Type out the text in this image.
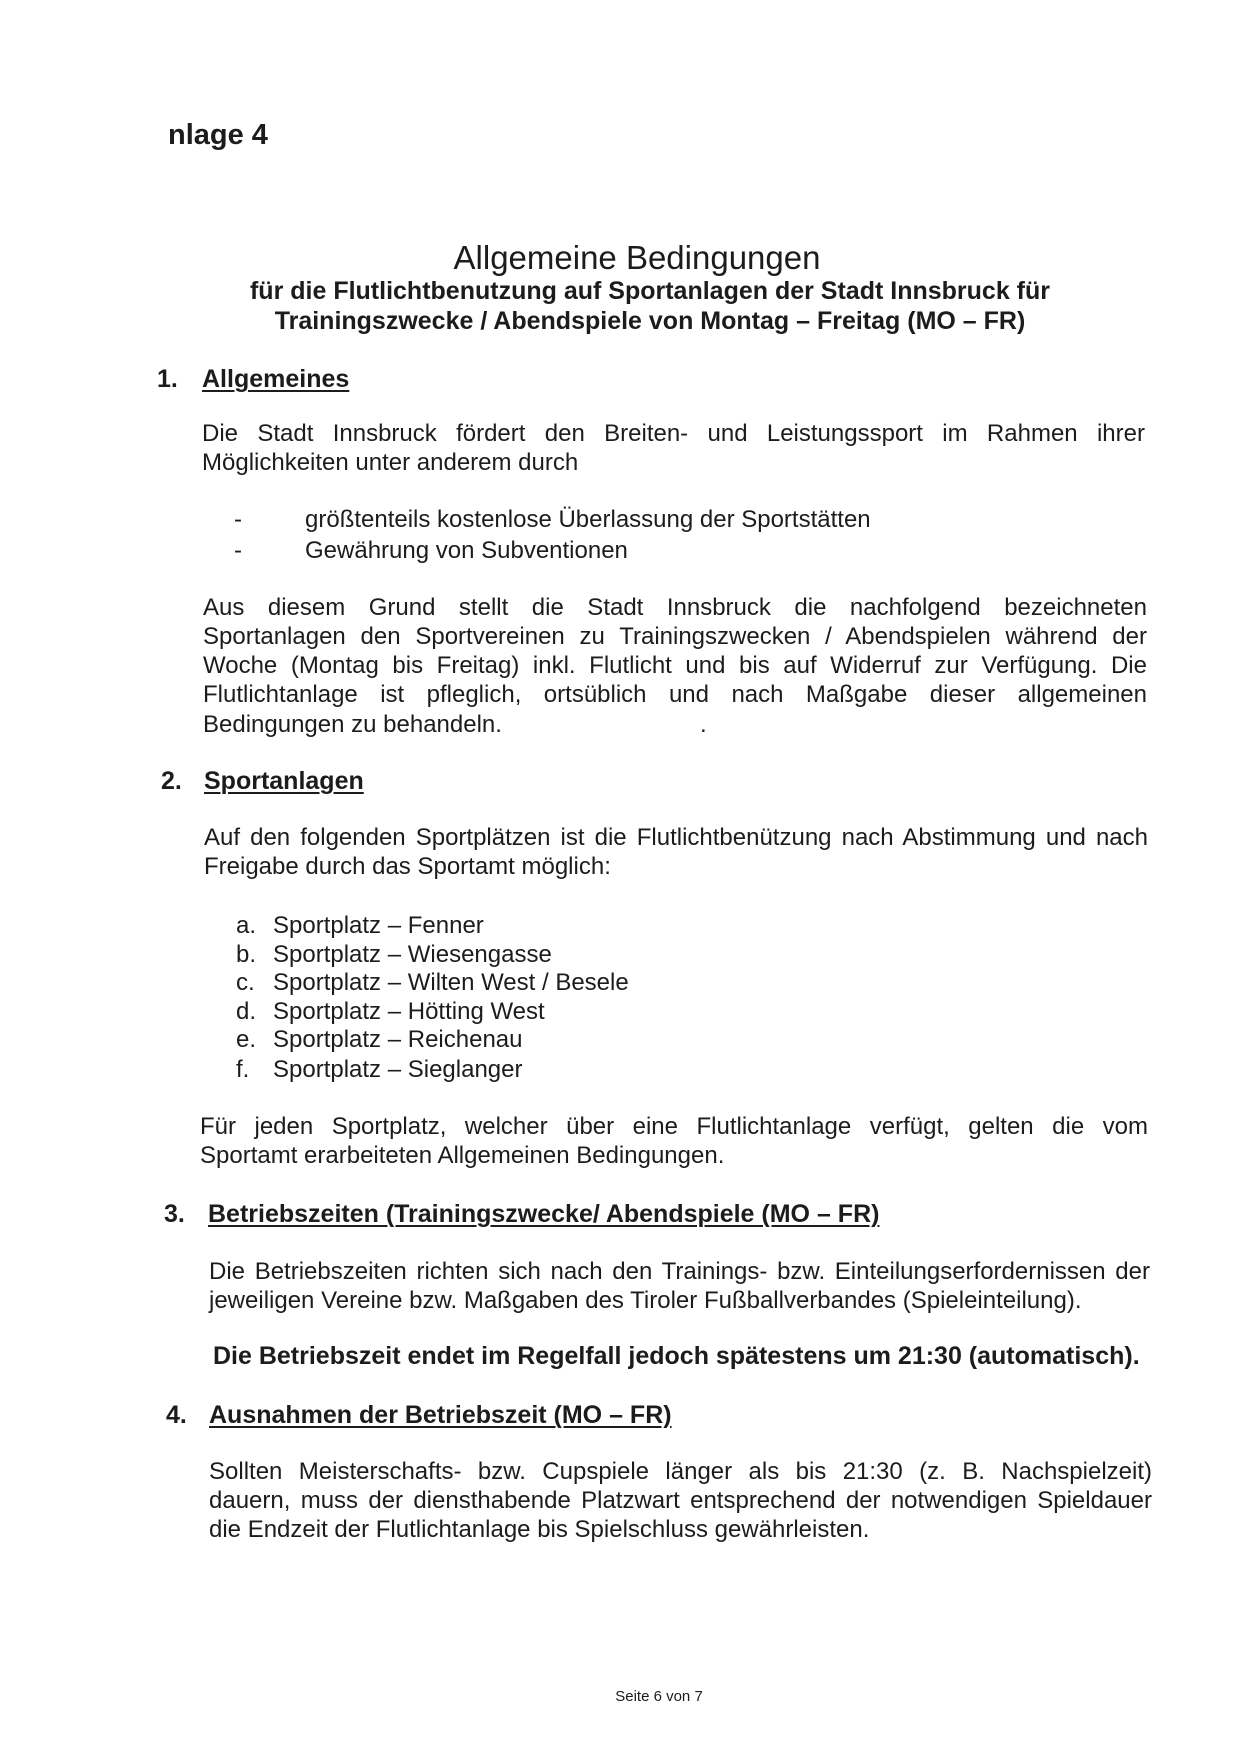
nlage 4
Allgemeine Bedingungen
für die Flutlichtbenutzung auf Sportanlagen der Stadt Innsbruck für
Trainingszwecke / Abendspiele von Montag – Freitag (MO – FR)
1. Allgemeines
Die Stadt Innsbruck fördert den Breiten- und Leistungssport im Rahmen ihrer
Möglichkeiten unter anderem durch
-	größtenteils kostenlose Überlassung der Sportstätten
-	Gewährung von Subventionen
Aus diesem Grund stellt die Stadt Innsbruck die nachfolgend bezeichneten
Sportanlagen den Sportvereinen zu Trainingszwecken / Abendspielen während der
Woche (Montag bis Freitag) inkl. Flutlicht und bis auf Widerruf zur Verfügung. Die
Flutlichtanlage ist pfleglich, ortsüblich und nach Maßgabe dieser allgemeinen
Bedingungen zu behandeln.	.
2. Sportanlagen
Auf den folgenden Sportplätzen ist die Flutlichtbenützung nach Abstimmung und nach
Freigabe durch das Sportamt möglich:
a. Sportplatz – Fenner
b. Sportplatz – Wiesengasse
c. Sportplatz – Wilten West / Besele
d. Sportplatz – Hötting West
e. Sportplatz – Reichenau
f. Sportplatz – Sieglanger
Für jeden Sportplatz, welcher über eine Flutlichtanlage verfügt, gelten die vom
Sportamt erarbeiteten Allgemeinen Bedingungen.
3. Betriebszeiten (Trainingszwecke/ Abendspiele (MO – FR)
Die Betriebszeiten richten sich nach den Trainings- bzw. Einteilungserfordernissen der
jeweiligen Vereine bzw. Maßgaben des Tiroler Fußballverbandes (Spieleinteilung).
Die Betriebszeit endet im Regelfall jedoch spätestens um 21:30 (automatisch).
4. Ausnahmen der Betriebszeit (MO – FR)
Sollten Meisterschafts- bzw. Cupspiele länger als bis 21:30 (z. B. Nachspielzeit)
dauern, muss der diensthabende Platzwart entsprechend der notwendigen Spieldauer
die Endzeit der Flutlichtanlage bis Spielschluss gewährleisten.
Seite 6 von 7
